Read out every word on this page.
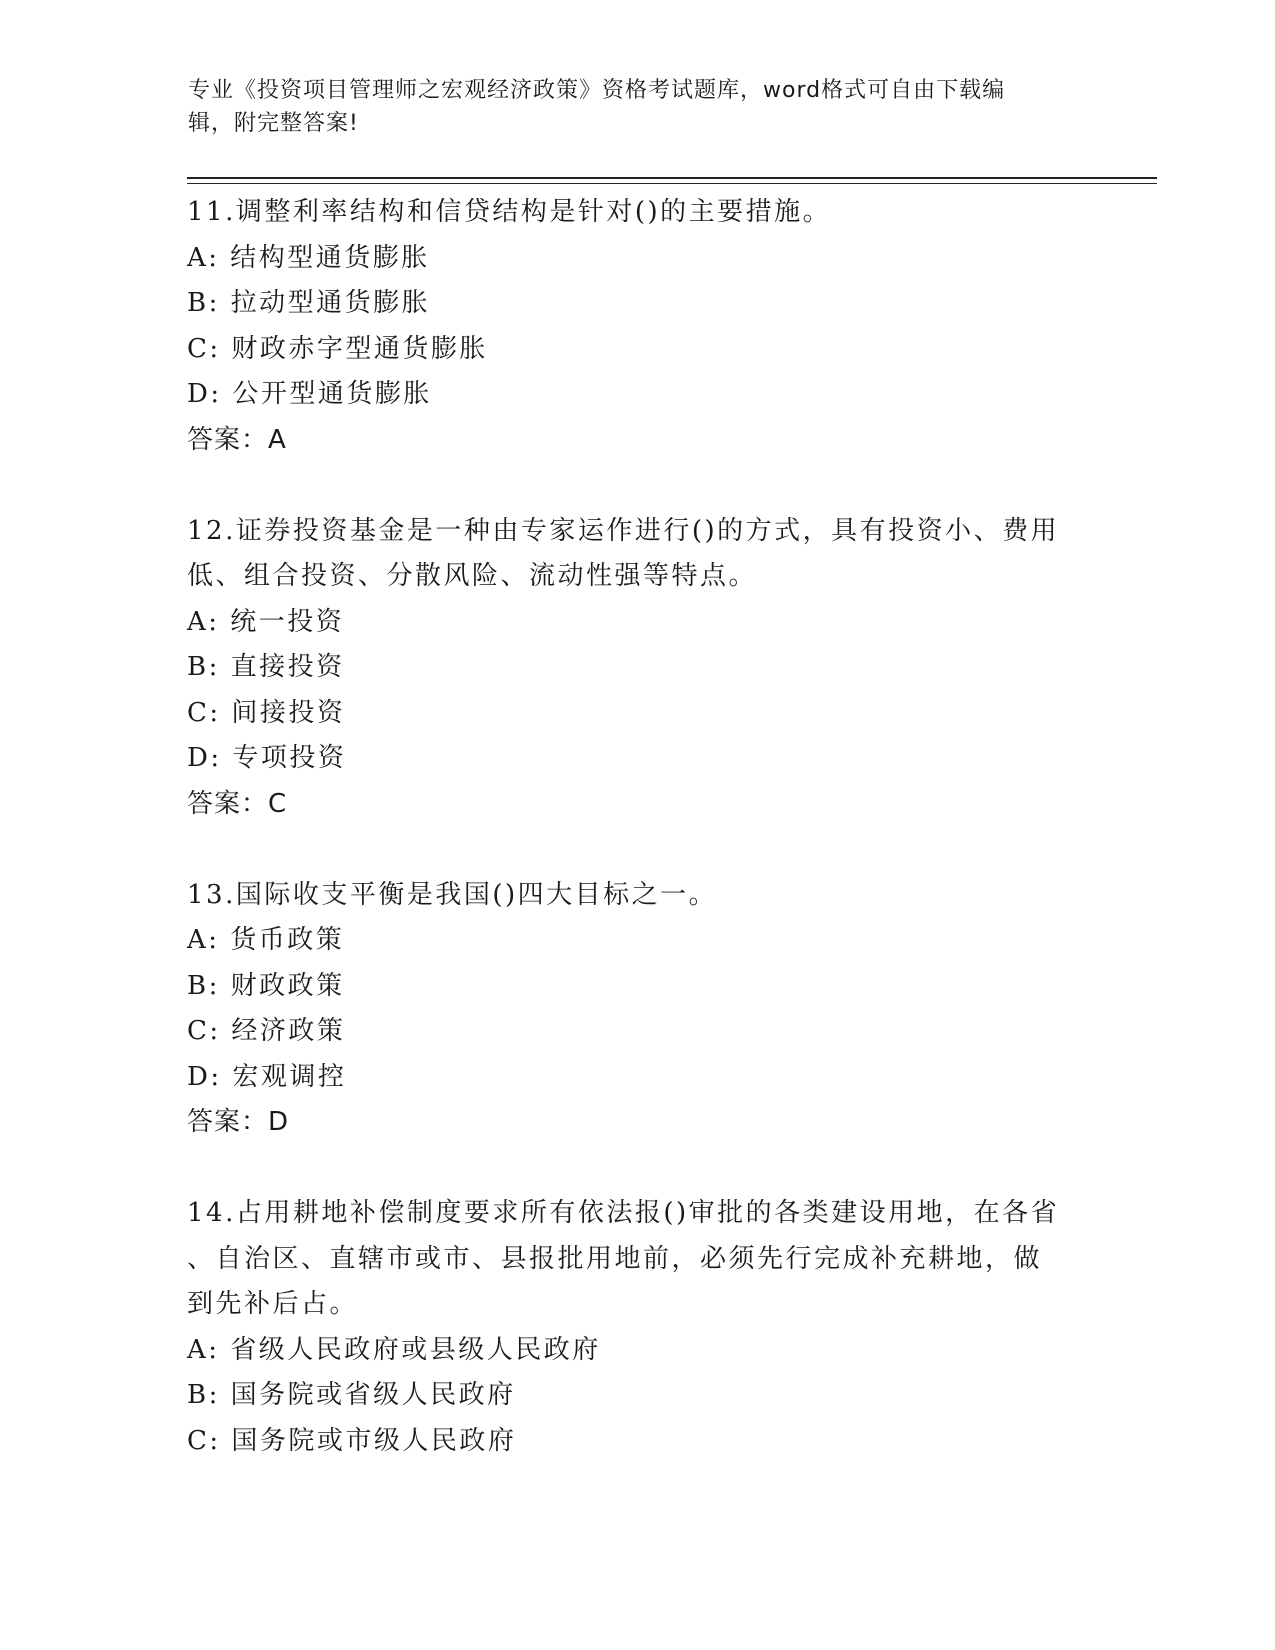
专业《投资项目管理师之宏观经济政策》资格考试题库，word格式可自由下载编
辑，附完整答案!
11.调整利率结构和信贷结构是针对()的主要措施。
A: 结构型通货膨胀
B: 拉动型通货膨胀
C: 财政赤字型通货膨胀
D: 公开型通货膨胀
答案：A
12.证券投资基金是一种由专家运作进行()的方式，具有投资小、费用
低、组合投资、分散风险、流动性强等特点。
A: 统一投资
B: 直接投资
C: 间接投资
D: 专项投资
答案：C
13.国际收支平衡是我国()四大目标之一。
A: 货币政策
B: 财政政策
C: 经济政策
D: 宏观调控
答案：D
14.占用耕地补偿制度要求所有依法报()审批的各类建设用地，在各省
、自治区、直辖市或市、县报批用地前，必须先行完成补充耕地，做
到先补后占。
A: 省级人民政府或县级人民政府
B: 国务院或省级人民政府
C: 国务院或市级人民政府
